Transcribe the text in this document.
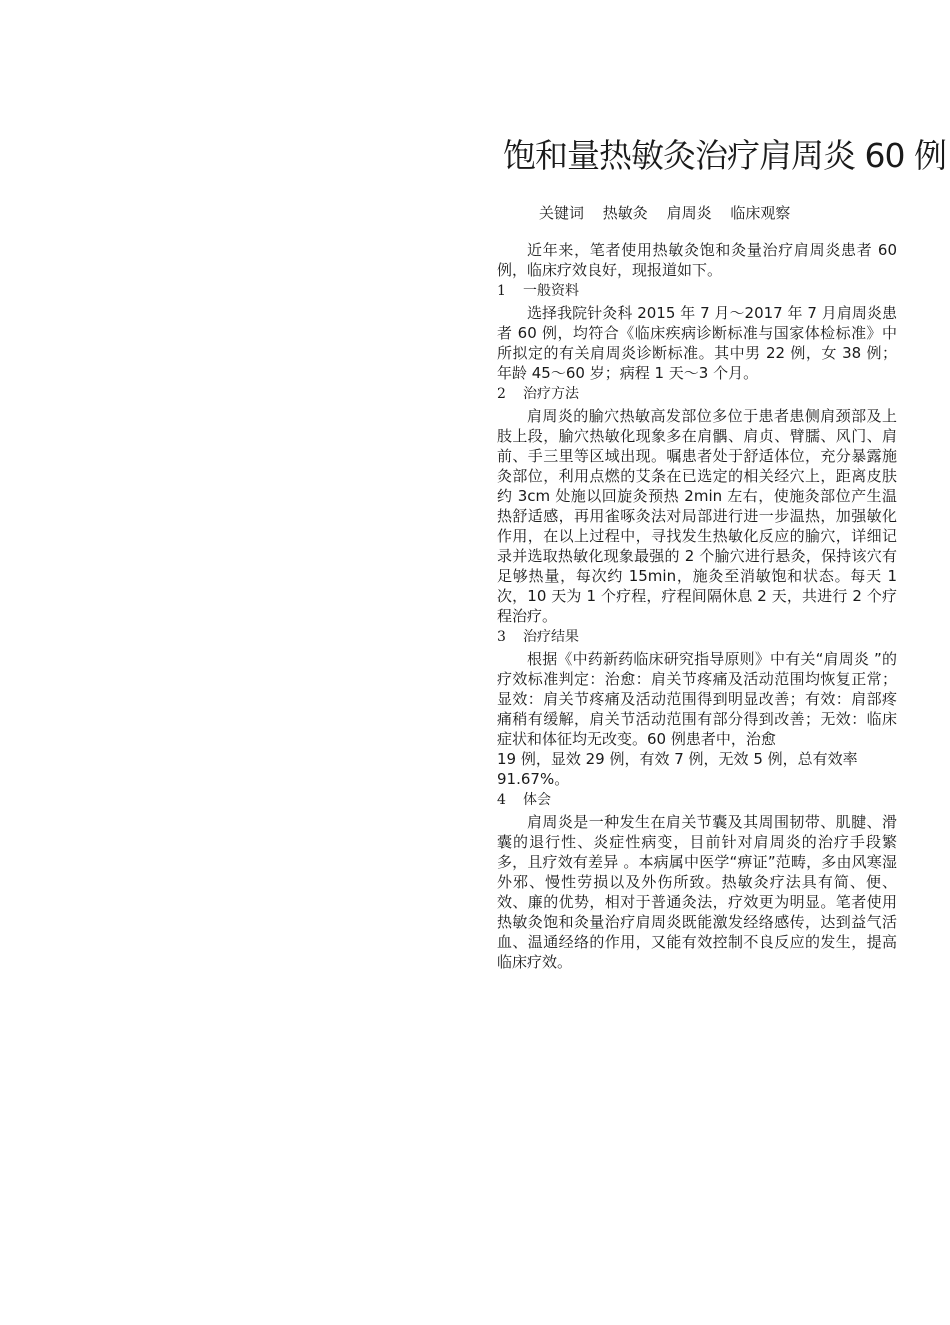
饱和量热敏灸治疗肩周炎 60 例
关键词 热敏灸 肩周炎 临床观察

近年来，笔者使用热敏灸饱和灸量治疗肩周炎患者 60 例，临床疗效良好，现报道如下。

1 一般资料

选择我院针灸科 2015 年 7 月～2017 年 7 月肩周炎患者 60 例，均符合《临床疾病诊断标准与国家体检标准》中所拟定的有关肩周炎诊断标准。其中男 22 例，女 38 例；年龄 45～60 岁；病程 1 天～3 个月。

2 治疗方法

肩周炎的腧穴热敏高发部位多位于患者患侧肩颈部及上肢上段，腧穴热敏化现象多在肩髃、肩贞、臂臑、风门、肩前、手三里等区域出现。嘱患者处于舒适体位，充分暴露施灸部位，利用点燃的艾条在已选定的相关经穴上，距离皮肤约 3cm 处施以回旋灸预热 2min 左右，使施灸部位产生温热舒适感，再用雀啄灸法对局部进行进一步温热，加强敏化作用，在以上过程中，寻找发生热敏化反应的腧穴，详细记录并选取热敏化现象最强的 2 个腧穴进行悬灸，保持该穴有足够热量，每次约 15min，施灸至消敏饱和状态。每天 1 次，10 天为 1 个疗程，疗程间隔休息 2 天，共进行 2 个疗程治疗。

3 治疗结果

根据《中药新药临床研究指导原则》中有关“肩周炎 ”的疗效标准判定：治愈：肩关节疼痛及活动范围均恢复正常；显效：肩关节疼痛及活动范围得到明显改善；有效：肩部疼痛稍有缓解，肩关节活动范围有部分得到改善；无效：临床症状和体征均无改变。60 例患者中，治愈

19 例，显效 29 例，有效 7 例，无效 5 例，总有效率 91.67%。

4 体会

肩周炎是一种发生在肩关节囊及其周围韧带、肌腱、滑囊的退行性、炎症性病变，目前针对肩周炎的治疗手段繁多，且疗效有差异 。本病属中医学“痹证”范畴，多由风寒湿外邪、慢性劳损以及外伤所致。热敏灸疗法具有简、便、效、廉的优势，相对于普通灸法，疗效更为明显。笔者使用热敏灸饱和灸量治疗肩周炎既能激发经络感传，达到益气活血、温通经络的作用，又能有效控制不良反应的发生，提高临床疗效。
